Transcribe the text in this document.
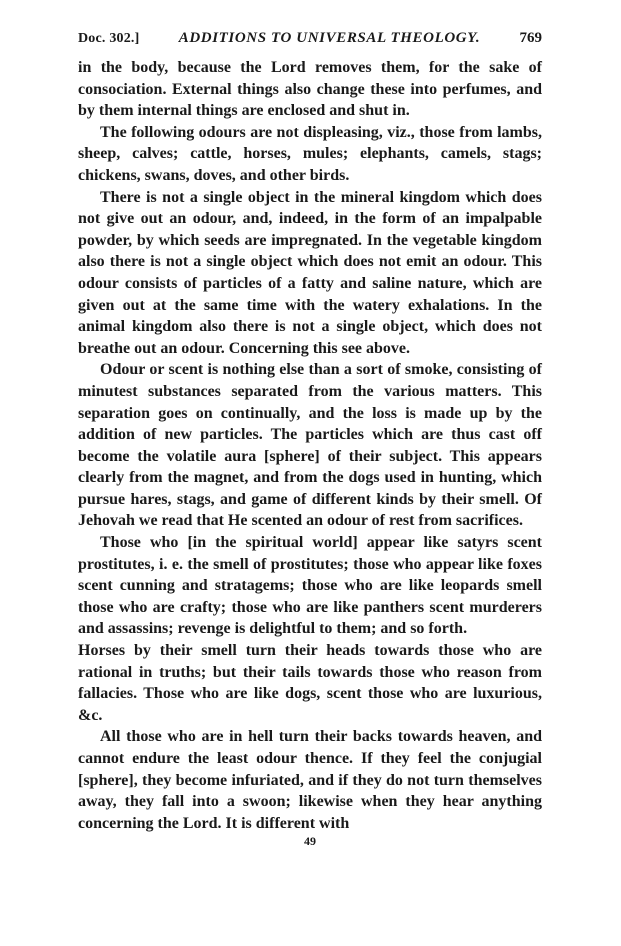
Doc. 302.]	ADDITIONS TO UNIVERSAL THEOLOGY.	769

in the body, because the Lord removes them, for the sake of consociation. External things also change these into perfumes, and by them internal things are enclosed and shut in.

The following odours are not displeasing, viz., those from lambs, sheep, calves; cattle, horses, mules; elephants, camels, stags; chickens, swans, doves, and other birds.

There is not a single object in the mineral kingdom which does not give out an odour, and, indeed, in the form of an impalpable powder, by which seeds are impregnated. In the vegetable kingdom also there is not a single object which does not emit an odour. This odour consists of particles of a fatty and saline nature, which are given out at the same time with the watery exhalations. In the animal kingdom also there is not a single object, which does not breathe out an odour. Concerning this see above.

Odour or scent is nothing else than a sort of smoke, consisting of minutest substances separated from the various matters. This separation goes on continually, and the loss is made up by the addition of new particles. The particles which are thus cast off become the volatile aura [sphere] of their subject. This appears clearly from the magnet, and from the dogs used in hunting, which pursue hares, stags, and game of different kinds by their smell. Of Jehovah we read that He scented an odour of rest from sacrifices.

Those who [in the spiritual world] appear like satyrs scent prostitutes, i. e. the smell of prostitutes; those who appear like foxes scent cunning and stratagems; those who are like leopards smell those who are crafty; those who are like panthers scent murderers and assassins; revenge is delightful to them; and so forth.

Horses by their smell turn their heads towards those who are rational in truths; but their tails towards those who reason from fallacies. Those who are like dogs, scent those who are luxurious, &c.

All those who are in hell turn their backs towards heaven, and cannot endure the least odour thence. If they feel the conjugial [sphere], they become infuriated, and if they do not turn themselves away, they fall into a swoon; likewise when they hear anything concerning the Lord. It is different with

49
